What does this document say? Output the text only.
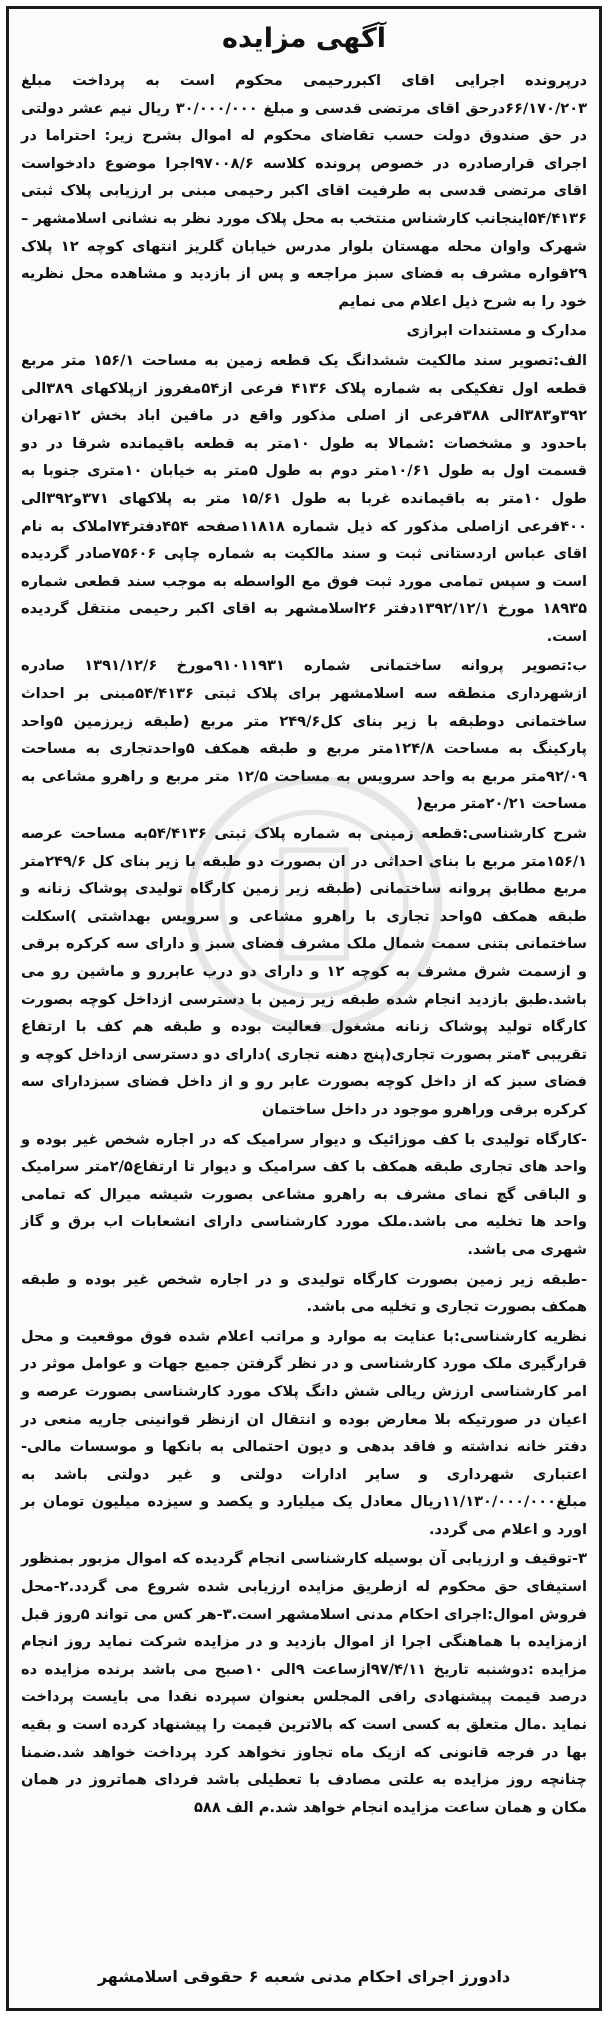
آگهی مزایده

درپرونده اجرایی اقای اکبررحیمی محکوم است به پرداخت مبلغ ۶۶/۱۷۰/۲۰۳درحق اقای مرتضی قدسی و مبلغ ۳۰/۰۰۰/۰۰۰ ریال نیم عشر دولتی در حق صندوق دولت حسب تقاضای محکوم له اموال بشرح زیر: احتراما در اجرای قرارصادره در خصوص پرونده کلاسه ۹۷۰۰۸/۶اجرا موضوع دادخواست اقای مرتضی قدسی به طرفیت اقای اکبر رحیمی مبنی بر ارزیابی پلاک ثبتی ۵۴/۴۱۳۶اینجانب کارشناس منتخب به محل پلاک مورد نظر به نشانی اسلامشهر –شهرک واوان محله مهستان بلوار مدرس خیابان گلریز انتهای کوچه ۱۲ پلاک ۲۹قواره مشرف به فضای سبز مراجعه و پس از بازدید و مشاهده محل نظریه خود را به شرح ذیل اعلام می نمایم

مدارک و مستندات ابرازی

الف:تصویر سند مالکیت ششدانگ یک قطعه زمین به مساحت ۱۵۶/۱ متر مربع قطعه اول تفکیکی به شماره پلاک ۴۱۳۶ فرعی از۵۴مفروز ازپلاکهای ۳۸۹الی ۳۹۲و۳۸۳الی ۳۸۸فرعی از اصلی مذکور واقع در مافین اباد بخش ۱۲تهران باحدود و مشخصات :شمالا به طول ۱۰متر به قطعه باقیمانده شرقا در دو قسمت اول به طول ۱۰/۶۱متر دوم به طول ۵متر به خیابان ۱۰متری جنوبا به طول ۱۰متر به باقیمانده غربا به طول ۱۵/۶۱ متر به پلاکهای ۳۷۱و۳۹۲الی ۴۰۰فرعی ازاصلی مذکور که ذیل شماره ۱۱۸۱۸صفحه ۴۵۴دفتر۷۴املاک به نام اقای عباس اردستانی ثبت و سند مالکیت به شماره چاپی ۷۵۶۰۶صادر گردیده است و سپس تمامی مورد ثبت فوق مع الواسطه به موجب سند قطعی شماره ۱۸۹۳۵ مورخ ۱۳۹۲/۱۲/۱دفتر ۲۶اسلامشهر به اقای اکبر رحیمی منتقل گردیده است.

ب:تصویر پروانه ساختمانی شماره ۹۱۰۱۱۹۳۱مورخ ۱۳۹۱/۱۲/۶ صادره ازشهرداری منطقه سه اسلامشهر برای پلاک ثبتی ۵۴/۴۱۳۶مبنی بر احداث ساختمانی دوطبقه با زیر بنای کل۲۴۹/۶ متر مربع (طبقه زیرزمین ۵واحد پارکینگ به مساحت ۱۲۴/۸متر مربع و طبقه همکف ۵واحدتجاری به مساحت ۹۲/۰۹متر مربع به واحد سرویس به مساحت ۱۲/۵ متر مربع و راهرو مشاعی به مساحت ۲۰/۲۱متر مربع(

شرح کارشناسی:قطعه زمینی به شماره پلاک ثبتی ۵۴/۴۱۳۶به مساحت عرصه ۱۵۶/۱متر مربع با بنای احداثی در ان بصورت دو طبقه با زیر بنای کل ۲۴۹/۶متر مربع مطابق پروانه ساختمانی (طبقه زیر زمین کارگاه تولیدی پوشاک زنانه و طبقه همکف ۵واحد تجاری با راهرو مشاعی و سرویس بهداشتی )اسکلت ساختمانی بتنی سمت شمال ملک مشرف فضای سبز و دارای سه کرکره برقی و ازسمت شرق مشرف به کوچه ۱۲ و دارای دو درب عابررو و ماشین رو می باشد.طبق بازدید انجام شده طبقه زیر زمین با دسترسی ازداخل کوچه بصورت کارگاه تولید پوشاک زنانه مشغول فعالیت بوده و طبقه هم کف با ارتفاع تقریبی ۴متر بصورت تجاری(پنج دهنه تجاری )دارای دو دسترسی ازداخل کوچه و فضای سبز که از داخل کوچه بصورت عابر رو و از داخل فضای سبزدارای سه کرکره برقی وراهرو موجود در داخل ساختمان

-کارگاه تولیدی با کف موزائیک و دیوار سرامیک که در اجاره شخص غیر بوده و واحد های تجاری طبقه همکف با کف سرامیک و دیوار تا ارتفاع۲/۵متر سرامیک و الباقی گچ نمای مشرف به راهرو مشاعی بصورت شیشه میرال که تمامی واحد ها تخلیه می باشد.ملک مورد کارشناسی دارای انشعابات اب برق و گاز شهری می باشد.

-طبقه زیر زمین بصورت کارگاه تولیدی و در اجاره شخص غیر بوده و طبقه همکف بصورت تجاری و تخلیه می باشد.

نظریه کارشناسی:با عنایت به موارد و مراتب اعلام شده فوق موقعیت و محل قرارگیری ملک مورد کارشناسی و در نظر گرفتن جمیع جهات و عوامل موثر در امر کارشناسی ارزش ریالی شش دانگ پلاک مورد کارشناسی بصورت عرصه و اعیان در صورتیکه بلا معارض بوده و انتقال ان ازنظر قوانینی جاریه منعی در دفتر خانه نداشته و فاقد بدهی و دیون احتمالی به بانکها و موسسات مالی-اعتباری شهرداری و سایر ادارات دولتی و غیر دولتی باشد به مبلغ۱۱/۱۳۰/۰۰۰/۰۰۰ریال معادل یک میلیارد و یکصد و سیزده میلیون تومان بر اورد و اعلام می گردد.

۳-توقیف و ارزیابی آن بوسیله کارشناسی انجام گردیده که اموال مزبور بمنظور استیفای حق محکوم له ازطریق مزایده ارزیابی شده شروع می گردد.۲-محل فروش اموال:اجرای احکام مدنی اسلامشهر است.۳-هر کس می تواند ۵روز قبل ازمزایده با هماهنگی اجرا از اموال بازدید و در مزایده شرکت نماید روز انجام مزایده :دوشنبه تاریخ ۹۷/۴/۱۱ازساعت ۹الی ۱۰صبح می باشد برنده مزایده ده درصد قیمت پیشنهادی رافی المجلس بعنوان سپرده نقدا می بایست پرداخت نماید .مال متعلق به کسی است که بالاترین قیمت را پیشنهاد کرده است و بقیه بها در فرجه قانونی که ازیک ماه تجاوز نخواهد کرد پرداخت خواهد شد.ضمنا چنانچه روز مزایده به علتی مصادف با تعطیلی باشد فردای هماتروز در همان مکان و همان ساعت مزایده انجام خواهد شد.م الف ۵۸۸

دادورز اجرای احکام مدنی شعبه ۶ حقوقی اسلامشهر
